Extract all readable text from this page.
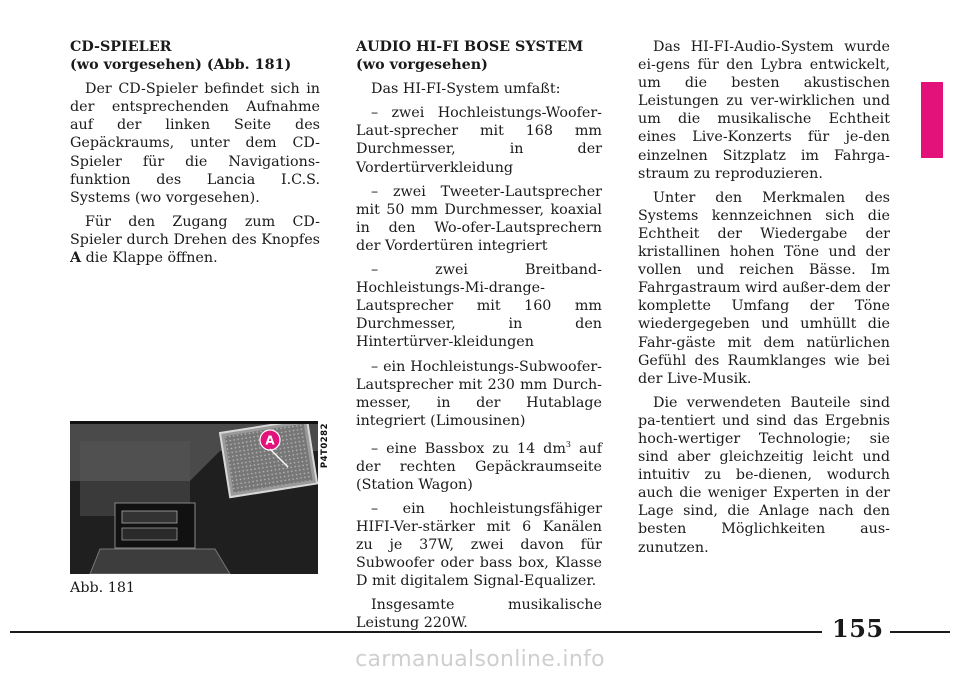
CD-SPIELER
(wo vorgesehen) (Abb. 181)

Der CD-Spieler befindet sich in der entsprechenden Aufnahme auf der linken Seite des Gepäckraums, unter dem CD-Spieler für die Navigations-funktion des Lancia I.C.S. Systems (wo vorgesehen).

Für den Zugang zum CD-Spieler durch Drehen des Knopfes A die Klappe öffnen.

A	P4T0282
Abb. 181
AUDIO HI-FI BOSE SYSTEM
(wo vorgesehen)

Das HI-FI-System umfaßt:

– zwei Hochleistungs-Woofer-Laut-sprecher mit 168 mm Durchmesser, in der Vordertürverkleidung

– zwei Tweeter-Lautsprecher mit 50 mm Durchmesser, koaxial in den Wo-ofer-Lautsprechern der Vordertüren integriert

– zwei Breitband-Hochleistungs-Mi-drange-Lautsprecher mit 160 mm Durchmesser, in den Hintertürver-kleidungen

– ein Hochleistungs-Subwoofer-Lautsprecher mit 230 mm Durch-messer, in der Hutablage integriert (Limousinen)

– eine Bassbox zu 14 $dm^3$ auf der rechten Gepäckraumseite (Station Wagon)

– ein hochleistungsfähiger HIFI-Ver-stärker mit 6 Kanälen zu je 37W, zwei davon für Subwoofer oder bass box, Klasse D mit digitalem Signal-Equalizer.

Insgesamte musikalische Leistung 220W.

Das HI-FI-Audio-System wurde ei-gens für den Lybra entwickelt, um die besten akustischen Leistungen zu ver-wirklichen und um die musikalische Echtheit eines Live-Konzerts für je-den einzelnen Sitzplatz im Fahrga-straum zu reproduzieren.

Unter den Merkmalen des Systems kennzeichnen sich die Echtheit der Wiedergabe der kristallinen hohen Töne und der vollen und reichen Bässe. Im Fahrgastraum wird außer-dem der komplette Umfang der Töne wiedergegeben und umhüllt die Fahr-gäste mit dem natürlichen Gefühl des Raumklanges wie bei der Live-Musik.

Die verwendeten Bauteile sind pa-tentiert und sind das Ergebnis hoch-wertiger Technologie; sie sind aber gleichzeitig leicht und intuitiv zu be-dienen, wodurch auch die weniger Experten in der Lage sind, die Anlage nach den besten Möglichkeiten aus-zunutzen.

155
carmanualsonline.info
